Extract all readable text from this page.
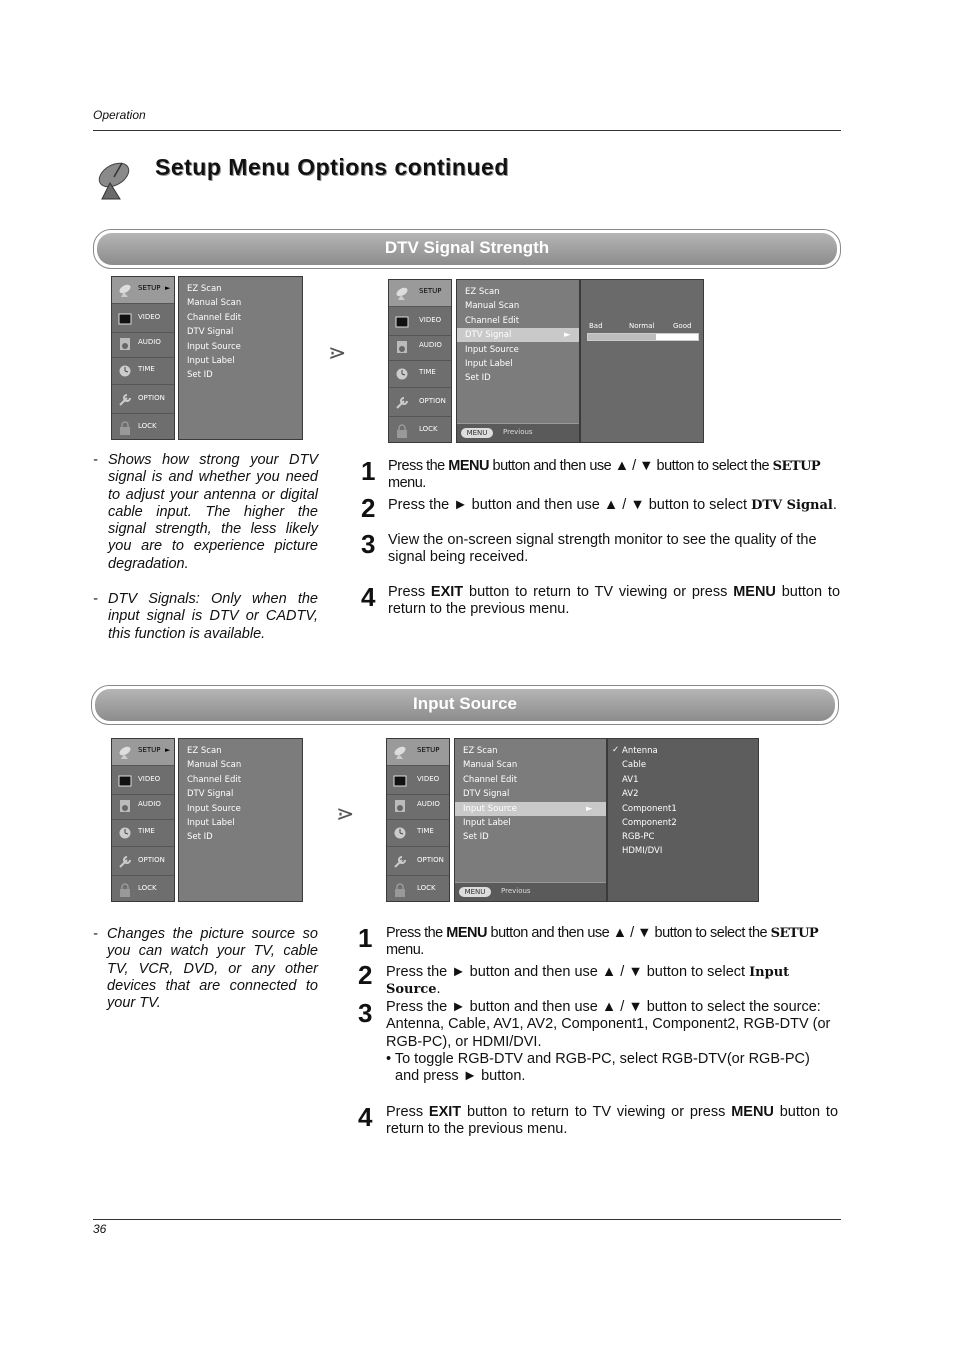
Operation
Setup Menu Options continued
DTV Signal Strength
SETUP ►
VIDEO
AUDIO
TIME
OPTION
LOCK
EZ Scan
Manual Scan
Channel Edit
DTV Signal
Input Source
Input Label
Set ID
⋗
SETUP
VIDEO
AUDIO
TIME
OPTION
LOCK
EZ Scan
Manual Scan
Channel Edit
DTV Signal	►
Input Source
Input Label
Set ID
MENU	Previous
Bad	Normal	Good
- Shows how strong your DTV signal is and whether you need to adjust your antenna or digital cable input. The higher the signal strength, the less likely you are to experience picture degradation.
- DTV Signals: Only when the input signal is DTV or CADTV, this function is available.
1 Press the MENU button and then use ▲ / ▼ button to select the SETUP menu.
2 Press the ► button and then use ▲ / ▼ button to select DTV Signal.
3 View the on-screen signal strength monitor to see the quality of the signal being received.
4 Press EXIT button to return to TV viewing or press MENU button to return to the previous menu.
Input Source
SETUP ►
VIDEO
AUDIO
TIME
OPTION
LOCK
EZ Scan
Manual Scan
Channel Edit
DTV Signal
Input Source
Input Label
Set ID
⋗
SETUP
VIDEO
AUDIO
TIME
OPTION
LOCK
EZ Scan
Manual Scan
Channel Edit
DTV Signal
Input Source	►
Input Label
Set ID
MENU	Previous
✓ Antenna
Cable
AV1
AV2
Component1
Component2
RGB-PC
HDMI/DVI
- Changes the picture source so you can watch your TV, cable TV, VCR, DVD, or any other devices that are connected to your TV.
1 Press the MENU button and then use ▲ / ▼ button to select the SETUP menu.
2 Press the ► button and then use ▲ / ▼ button to select Input Source.
3 Press the ► button and then use ▲ / ▼ button to select the source: Antenna, Cable, AV1, AV2, Component1, Component2, RGB-DTV (or RGB-PC), or HDMI/DVI.
• To toggle RGB-DTV and RGB-PC, select RGB-DTV(or RGB-PC) and press ► button.
4 Press EXIT button to return to TV viewing or press MENU button to return to the previous menu.
36
